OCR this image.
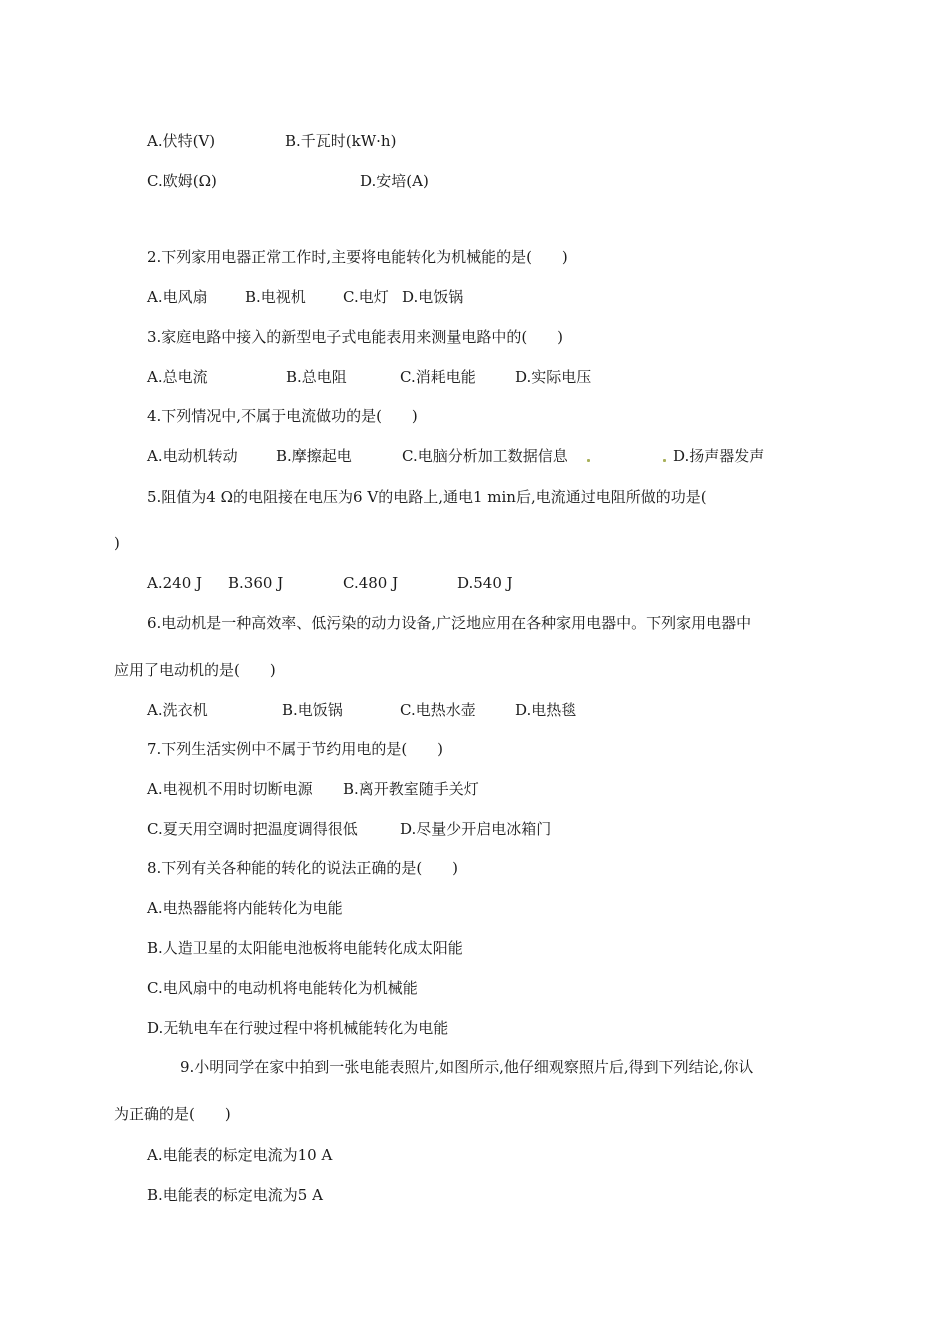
A.伏特(V)	B.千瓦时(kW·h)
C.欧姆(Ω)	D.安培(A)
2.下列家用电器正常工作时,主要将电能转化为机械能的是(　　)
A.电风扇 B.电视机 C.电灯 D.电饭锅
3.家庭电路中接入的新型电子式电能表用来测量电路中的(　　)
A.总电流	B.总电阻	C.消耗电能	D.实际电压
4.下列情况中,不属于电流做功的是(　　)
A.电动机转动	B.摩擦起电	C.电脑分析加工数据信息	D.扬声器发声
5.阻值为4 Ω的电阻接在电压为6 V的电路上,通电1 min后,电流通过电阻所做的功是(
)
A.240 J B.360 J	C.480 J	D.540 J
6.电动机是一种高效率、低污染的动力设备,广泛地应用在各种家用电器中。下列家用电器中
应用了电动机的是(　　)
A.洗衣机	B.电饭锅	C.电热水壶	D.电热毯
7.下列生活实例中不属于节约用电的是(　　)
A.电视机不用时切断电源 B.离开教室随手关灯
C.夏天用空调时把温度调得很低	D.尽量少开启电冰箱门
8.下列有关各种能的转化的说法正确的是(　　)
A.电热器能将内能转化为电能
B.人造卫星的太阳能电池板将电能转化成太阳能
C.电风扇中的电动机将电能转化为机械能
D.无轨电车在行驶过程中将机械能转化为电能
9.小明同学在家中拍到一张电能表照片,如图所示,他仔细观察照片后,得到下列结论,你认
为正确的是(　　)
A.电能表的标定电流为10 A
B.电能表的标定电流为5 A
